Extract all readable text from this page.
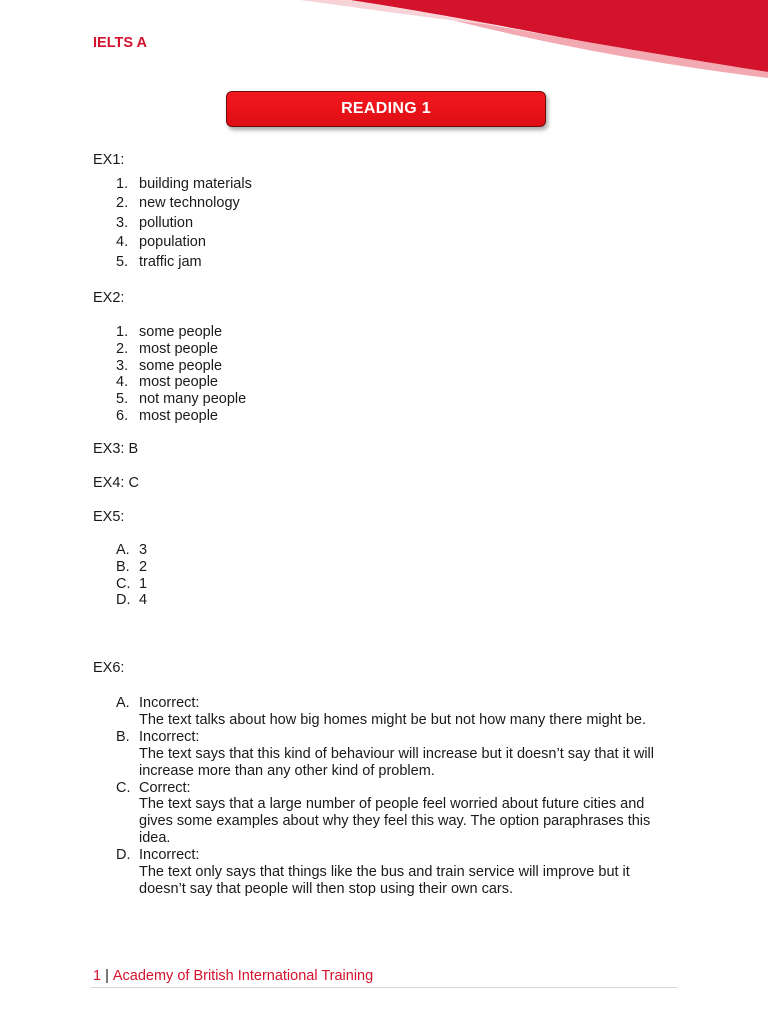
IELTS A
READING 1
EX1:
1. building materials
2. new technology
3. pollution
4. population
5. traffic jam
EX2:
1. some people
2. most people
3. some people
4. most people
5. not many people
6. most people
EX3: B
EX4: C
EX5:
A. 3
B. 2
C. 1
D. 4
EX6:
A. Incorrect:
The text talks about how big homes might be but not how many there might be.
B. Incorrect:
The text says that this kind of behaviour will increase but it doesn’t say that it will increase more than any other kind of problem.
C. Correct:
The text says that a large number of people feel worried about future cities and gives some examples about why they feel this way. The option paraphrases this idea.
D. Incorrect:
The text only says that things like the bus and train service will improve but it doesn’t say that people will then stop using their own cars.
1 | Academy of British International Training
